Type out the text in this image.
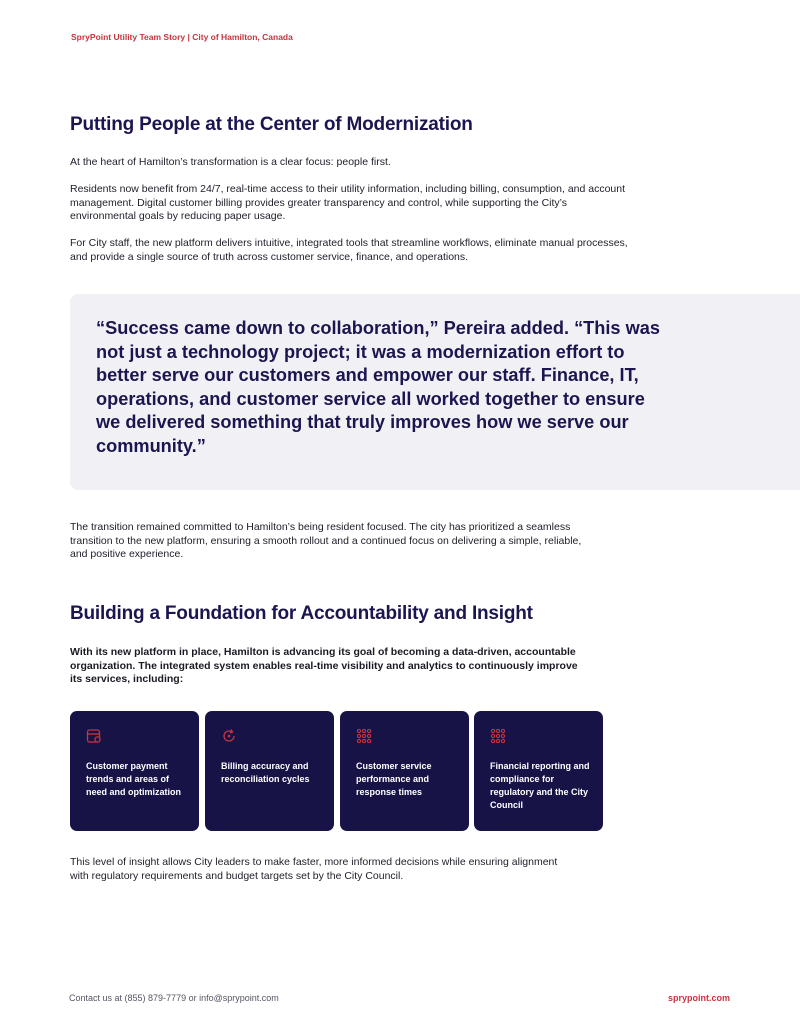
SpryPoint Utility Team Story | City of Hamilton, Canada
Putting People at the Center of Modernization

At the heart of Hamilton’s transformation is a clear focus: people first.

Residents now benefit from 24/7, real-time access to their utility information, including billing, consumption, and account management. Digital customer billing provides greater transparency and control, while supporting the City’s environmental goals by reducing paper usage.

For City staff, the new platform delivers intuitive, integrated tools that streamline workflows, eliminate manual processes, and provide a single source of truth across customer service, finance, and operations.

“Success came down to collaboration,” Pereira added. “This was not just a technology project; it was a modernization effort to better serve our customers and empower our staff. Finance, IT, operations, and customer service all worked together to ensure we delivered something that truly improves how we serve our community.”

The transition remained committed to Hamilton’s being resident focused. The city has prioritized a seamless transition to the new platform, ensuring a smooth rollout and a continued focus on delivering a simple, reliable, and positive experience.

Building a Foundation for Accountability and Insight

With its new platform in place, Hamilton is advancing its goal of becoming a data-driven, accountable organization. The integrated system enables real-time visibility and analytics to continuously improve its services, including:

Customer payment trends and areas of need and optimization
Billing accuracy and reconciliation cycles
Customer service performance and response times
Financial reporting and compliance for regulatory and the City Council

This level of insight allows City leaders to make faster, more informed decisions while ensuring alignment with regulatory requirements and budget targets set by the City Council.

Contact us at (855) 879-7779 or info@sprypoint.com	sprypoint.com
